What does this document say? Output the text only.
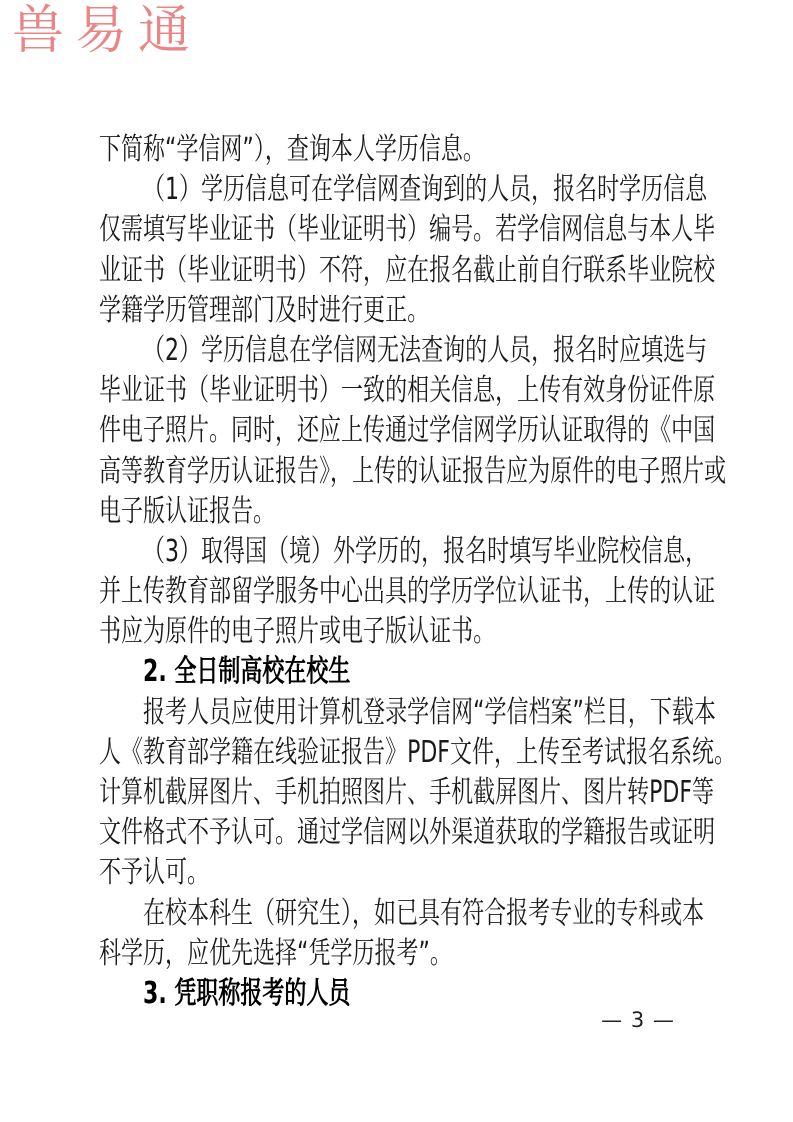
兽易通
下简称“学信网”），查询本人学历信息。
（1）学历信息可在学信网查询到的人员，报名时学历信息
仅需填写毕业证书（毕业证明书）编号。若学信网信息与本人毕
业证书（毕业证明书）不符，应在报名截止前自行联系毕业院校
学籍学历管理部门及时进行更正。
（2）学历信息在学信网无法查询的人员，报名时应填选与
毕业证书（毕业证明书）一致的相关信息，上传有效身份证件原
件电子照片。同时，还应上传通过学信网学历认证取得的《中国
高等教育学历认证报告》，上传的认证报告应为原件的电子照片或
电子版认证报告。
（3）取得国（境）外学历的，报名时填写毕业院校信息，
并上传教育部留学服务中心出具的学历学位认证书，上传的认证
书应为原件的电子照片或电子版认证书。
2. 全日制高校在校生
报考人员应使用计算机登录学信网“学信档案”栏目，下载本
人《教育部学籍在线验证报告》PDF文件，上传至考试报名系统。
计算机截屏图片、手机拍照图片、手机截屏图片、图片转PDF等
文件格式不予认可。通过学信网以外渠道获取的学籍报告或证明
不予认可。
在校本科生（研究生），如已具有符合报考专业的专科或本
科学历，应优先选择“凭学历报考”。
3. 凭职称报考的人员
— 3 —
